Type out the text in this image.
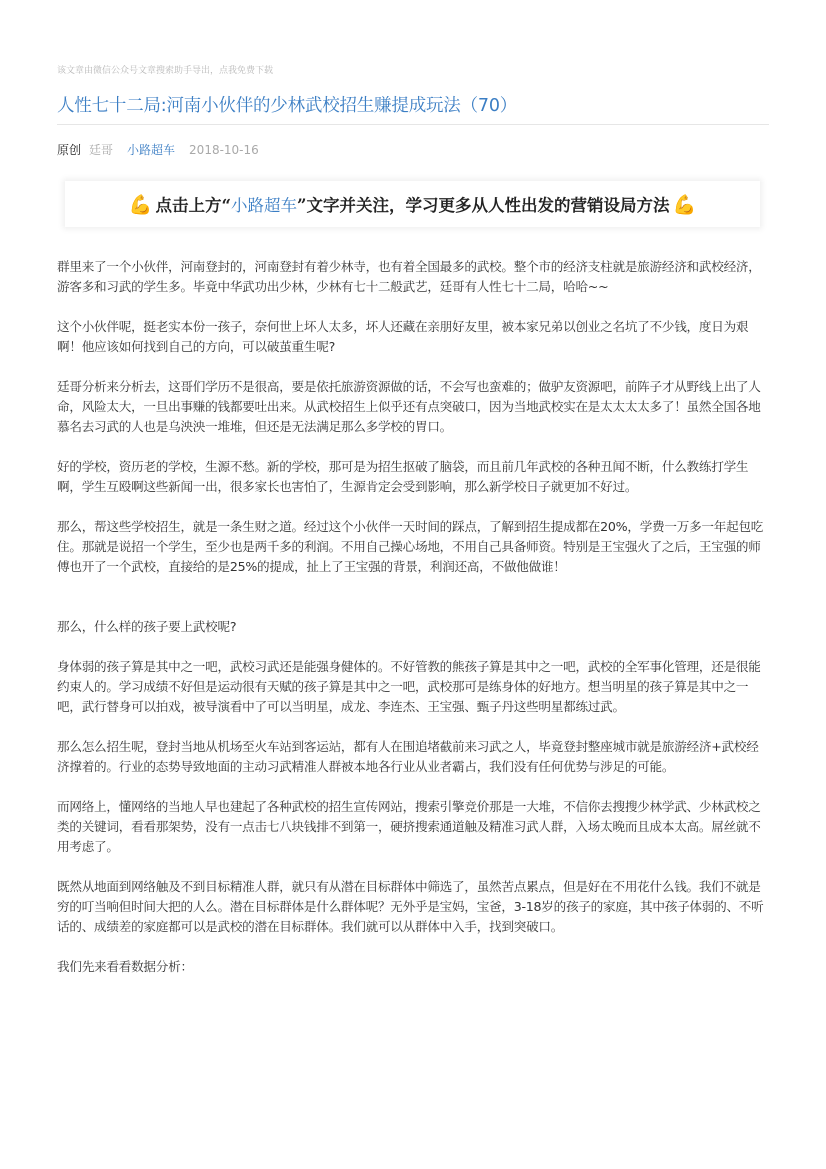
该文章由微信公众号文章搜索助手导出，点我免费下载
人性七十二局:河南小伙伴的少林武校招生赚提成玩法（70）
原创 廷哥 小路超车 2018-10-16
💪 点击上方“ 小路超车 ”文字并关注，学习更多从人性出发的营销设局方法 💪

群里来了一个小伙伴，河南登封的，河南登封有着少林寺，也有着全国最多的武校。整个市的经济支柱就是旅游经济和武校经济，游客多和习武的学生多。毕竟中华武功出少林，少林有七十二般武艺，廷哥有人性七十二局，哈哈~~

这个小伙伴呢，挺老实本份一孩子，奈何世上坏人太多，坏人还藏在亲朋好友里，被本家兄弟以创业之名坑了不少钱，度日为艰啊！他应该如何找到自己的方向，可以破茧重生呢?

廷哥分析来分析去，这哥们学历不是很高，要是依托旅游资源做的话，不会写也蛮难的；做驴友资源吧，前阵子才从野线上出了人命，风险太大，一旦出事赚的钱都要吐出来。从武校招生上似乎还有点突破口，因为当地武校实在是太太太太多了！虽然全国各地慕名去习武的人也是乌泱泱一堆堆，但还是无法满足那么多学校的胃口。

好的学校，资历老的学校，生源不愁。新的学校，那可是为招生抠破了脑袋，而且前几年武校的各种丑闻不断，什么教练打学生啊，学生互殴啊这些新闻一出，很多家长也害怕了，生源肯定会受到影响，那么新学校日子就更加不好过。

那么，帮这些学校招生，就是一条生财之道。经过这个小伙伴一天时间的踩点，了解到招生提成都在20%，学费一万多一年起包吃住。那就是说招一个学生，至少也是两千多的利润。不用自己操心场地，不用自己具备师资。特别是王宝强火了之后，王宝强的师傅也开了一个武校，直接给的是25%的提成，扯上了王宝强的背景，利润还高，不做他做谁！

那么，什么样的孩子要上武校呢?

身体弱的孩子算是其中之一吧，武校习武还是能强身健体的。不好管教的熊孩子算是其中之一吧，武校的全军事化管理，还是很能约束人的。学习成绩不好但是运动很有天赋的孩子算是其中之一吧，武校那可是练身体的好地方。想当明星的孩子算是其中之一吧，武行替身可以拍戏，被导演看中了可以当明星，成龙、李连杰、王宝强、甄子丹这些明星都练过武。

那么怎么招生呢，登封当地从机场至火车站到客运站，都有人在围追堵截前来习武之人，毕竟登封整座城市就是旅游经济+武校经济撑着的。行业的态势导致地面的主动习武精准人群被本地各行业从业者霸占，我们没有任何优势与涉足的可能。

而网络上，懂网络的当地人早也建起了各种武校的招生宣传网站，搜索引擎竞价那是一大堆，不信你去搜搜少林学武、少林武校之类的关键词，看看那架势，没有一点击七八块钱排不到第一，硬挤搜索通道触及精准习武人群，入场太晚而且成本太高。屌丝就不用考虑了。

既然从地面到网络触及不到目标精准人群，就只有从潜在目标群体中筛选了，虽然苦点累点，但是好在不用花什么钱。我们不就是穷的叮当响但时间大把的人么。潜在目标群体是什么群体呢？无外乎是宝妈，宝爸，3-18岁的孩子的家庭，其中孩子体弱的、不听话的、成绩差的家庭都可以是武校的潜在目标群体。我们就可以从群体中入手，找到突破口。

我们先来看看数据分析：
